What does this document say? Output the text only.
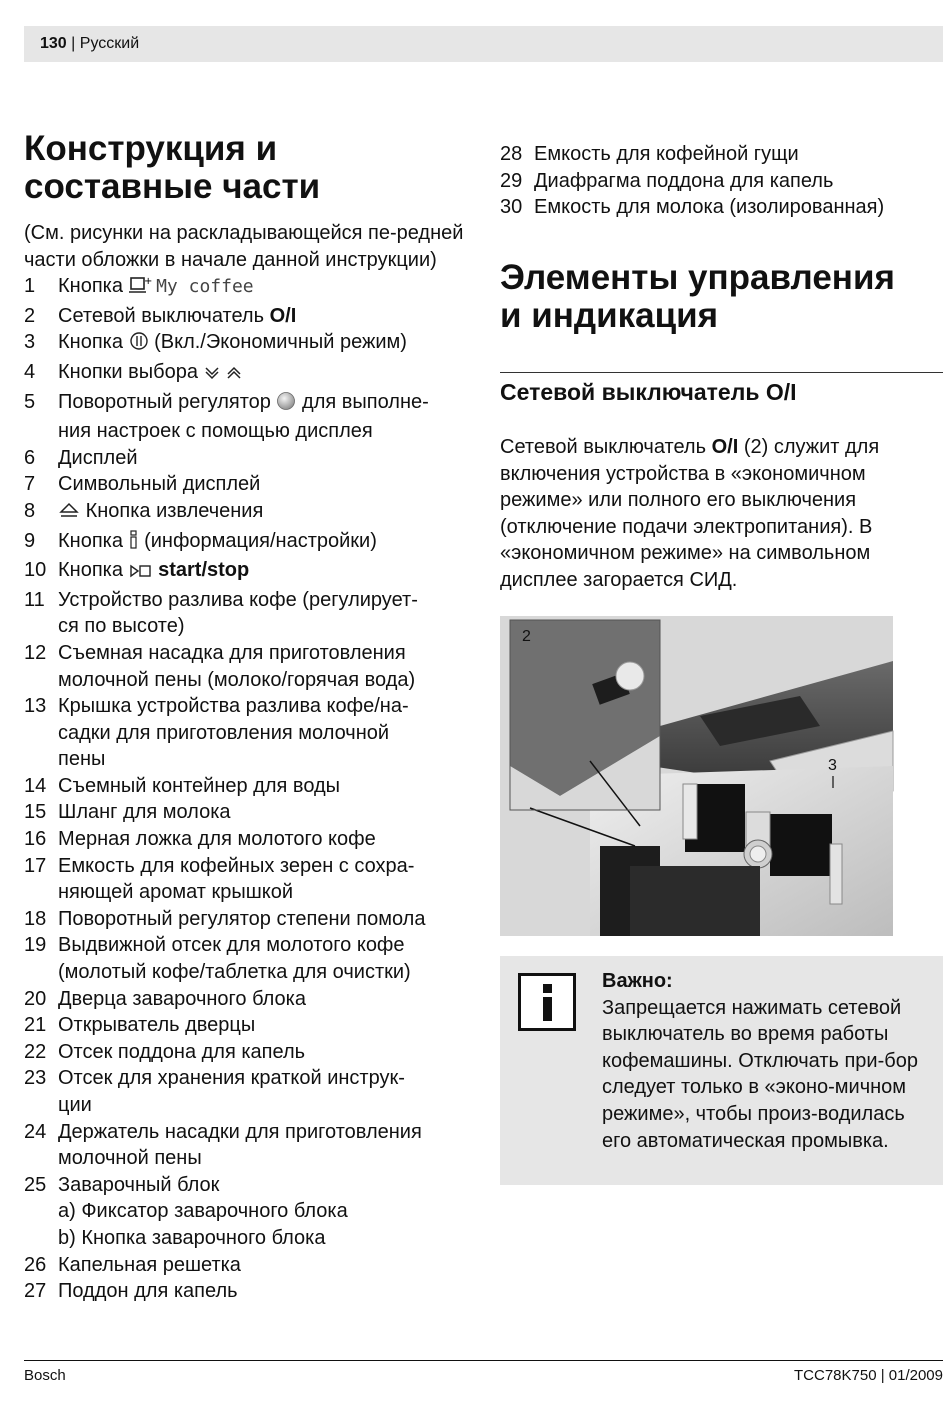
130 | Русский
Конструкция и
составные части
(См. рисунки на раскладывающейся пе-редней части обложки в начале данной инструкции)
1	Кнопка + My coffee
2	Сетевой выключатель O/I
3	Кнопка (Вкл./Экономичный режим)
4	Кнопки выбора
5	Поворотный регулятор для выполне-
ния настроек с помощью дисплея
6	Дисплей
7	Символьный дисплей
8	Кнопка извлечения
9	Кнопка (информация/настройки)
10 Кнопка start/stop
11 Устройство разлива кофе (регулирует-
ся по высоте)
12 Съемная насадка для приготовления
молочной пены (молоко/горячая вода)
13 Крышка устройства разлива кофе/на-
садки для приготовления молочной
пены
14 Съемный контейнер для воды
15 Шланг для молока
16 Мерная ложка для молотого кофе
17 Емкость для кофейных зерен с сохра-
няющей аромат крышкой
18 Поворотный регулятор степени помола
19 Выдвижной отсек для молотого кофе
(молотый кофе/таблетка для очистки)
20 Дверца заварочного блока
21 Открыватель дверцы
22 Отсек поддона для капель
23 Отсек для хранения краткой инструк-
ции
24 Держатель насадки для приготовления
молочной пены
25 Заварочный блок
a) Фиксатор заварочного блока
b) Кнопка заварочного блока
26 Капельная решетка
27 Поддон для капель
28 Емкость для кофейной гущи
29 Диафрагма поддона для капель
30 Емкость для молока (изолированная)
Элементы управления
и индикация
Сетевой выключатель O/I
Сетевой выключатель O/I (2) служит для включения устройства в «экономичном режиме» или полного его выключения (отключение подачи электропитания). В «экономичном режиме» на символьном дисплее загорается СИД.
2
3
Важно:
Запрещается нажимать сетевой выключатель во время работы кофемашины. Отключать при-бор следует только в «эконо-мичном режиме», чтобы произ-водилась его автоматическая промывка.
Bosch	TCC78K750 | 01/2009
